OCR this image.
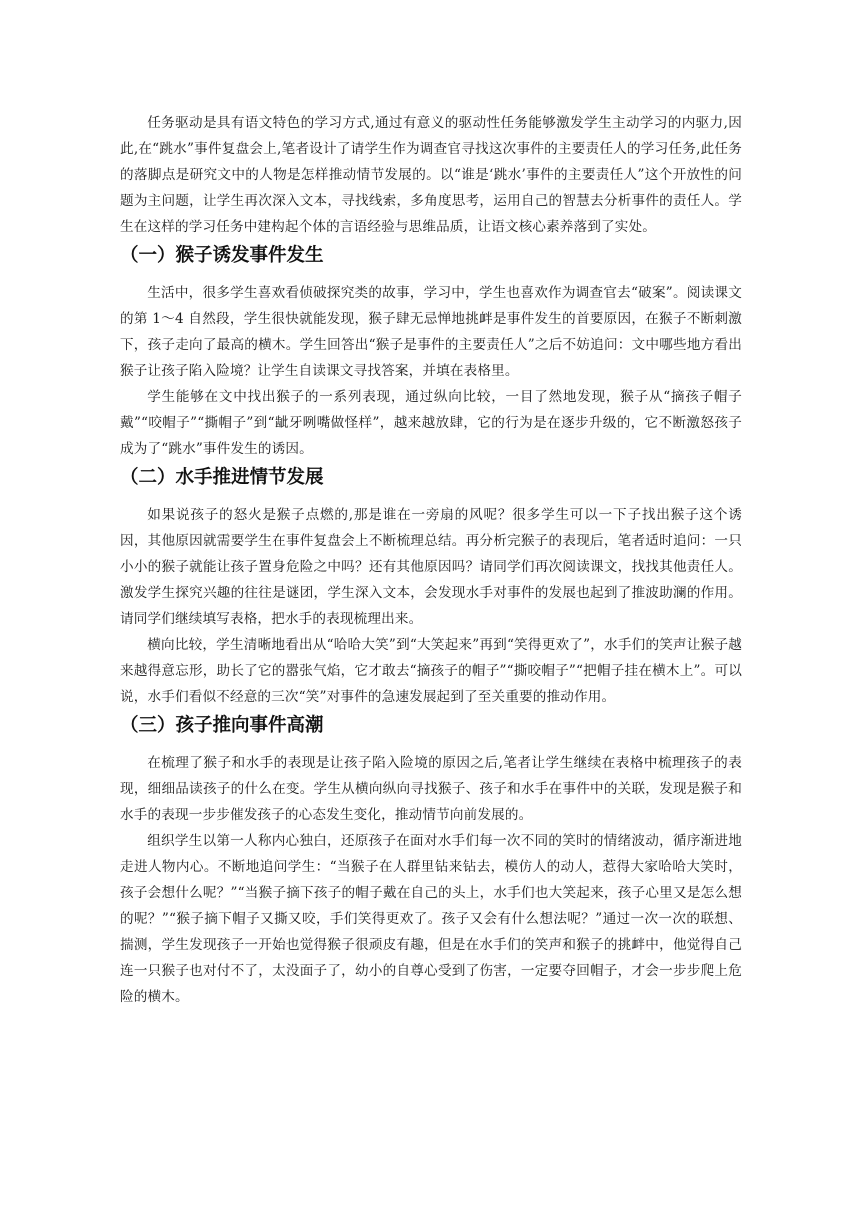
任务驱动是具有语文特色的学习方式,通过有意义的驱动性任务能够激发学生主动学习的内驱力,因此,在“跳水”事件复盘会上,笔者设计了请学生作为调查官寻找这次事件的主要责任人的学习任务,此任务的落脚点是研究文中的人物是怎样推动情节发展的。以“谁是‘跳水’事件的主要责任人”这个开放性的问题为主问题，让学生再次深入文本，寻找线索，多角度思考，运用自己的智慧去分析事件的责任人。学生在这样的学习任务中建构起个体的言语经验与思维品质，让语文核心素养落到了实处。

（一）猴子诱发事件发生

生活中，很多学生喜欢看侦破探究类的故事，学习中，学生也喜欢作为调查官去“破案”。阅读课文的第 1～4 自然段，学生很快就能发现，猴子肆无忌惮地挑衅是事件发生的首要原因，在猴子不断刺激下，孩子走向了最高的横木。学生回答出“猴子是事件的主要责任人”之后不妨追问：文中哪些地方看出猴子让孩子陷入险境？让学生自读课文寻找答案，并填在表格里。

学生能够在文中找出猴子的一系列表现，通过纵向比较，一目了然地发现，猴子从“摘孩子帽子戴”“咬帽子”“撕帽子”到“龇牙咧嘴做怪样”，越来越放肆，它的行为是在逐步升级的，它不断激怒孩子成为了“跳水”事件发生的诱因。

（二）水手推进情节发展

如果说孩子的怒火是猴子点燃的,那是谁在一旁扇的风呢？很多学生可以一下子找出猴子这个诱因，其他原因就需要学生在事件复盘会上不断梳理总结。再分析完猴子的表现后，笔者适时追问：一只小小的猴子就能让孩子置身危险之中吗？还有其他原因吗？请同学们再次阅读课文，找找其他责任人。激发学生探究兴趣的往往是谜团，学生深入文本，会发现水手对事件的发展也起到了推波助澜的作用。请同学们继续填写表格，把水手的表现梳理出来。

横向比较，学生清晰地看出从“哈哈大笑”到“大笑起来”再到“笑得更欢了”，水手们的笑声让猴子越来越得意忘形，助长了它的嚣张气焰，它才敢去“摘孩子的帽子”“撕咬帽子”“把帽子挂在横木上”。可以说，水手们看似不经意的三次“笑”对事件的急速发展起到了至关重要的推动作用。

（三）孩子推向事件高潮

在梳理了猴子和水手的表现是让孩子陷入险境的原因之后,笔者让学生继续在表格中梳理孩子的表现，细细品读孩子的什么在变。学生从横向纵向寻找猴子、孩子和水手在事件中的关联，发现是猴子和水手的表现一步步催发孩子的心态发生变化，推动情节向前发展的。

组织学生以第一人称内心独白，还原孩子在面对水手们每一次不同的笑时的情绪波动，循序渐进地走进人物内心。不断地追问学生：“当猴子在人群里钻来钻去，模仿人的动人，惹得大家哈哈大笑时，孩子会想什么呢？”“当猴子摘下孩子的帽子戴在自己的头上，水手们也大笑起来，孩子心里又是怎么想的呢？”“猴子摘下帽子又撕又咬，手们笑得更欢了。孩子又会有什么想法呢？”通过一次一次的联想、揣测，学生发现孩子一开始也觉得猴子很顽皮有趣，但是在水手们的笑声和猴子的挑衅中，他觉得自己连一只猴子也对付不了，太没面子了，幼小的自尊心受到了伤害，一定要夺回帽子，才会一步步爬上危险的横木。
